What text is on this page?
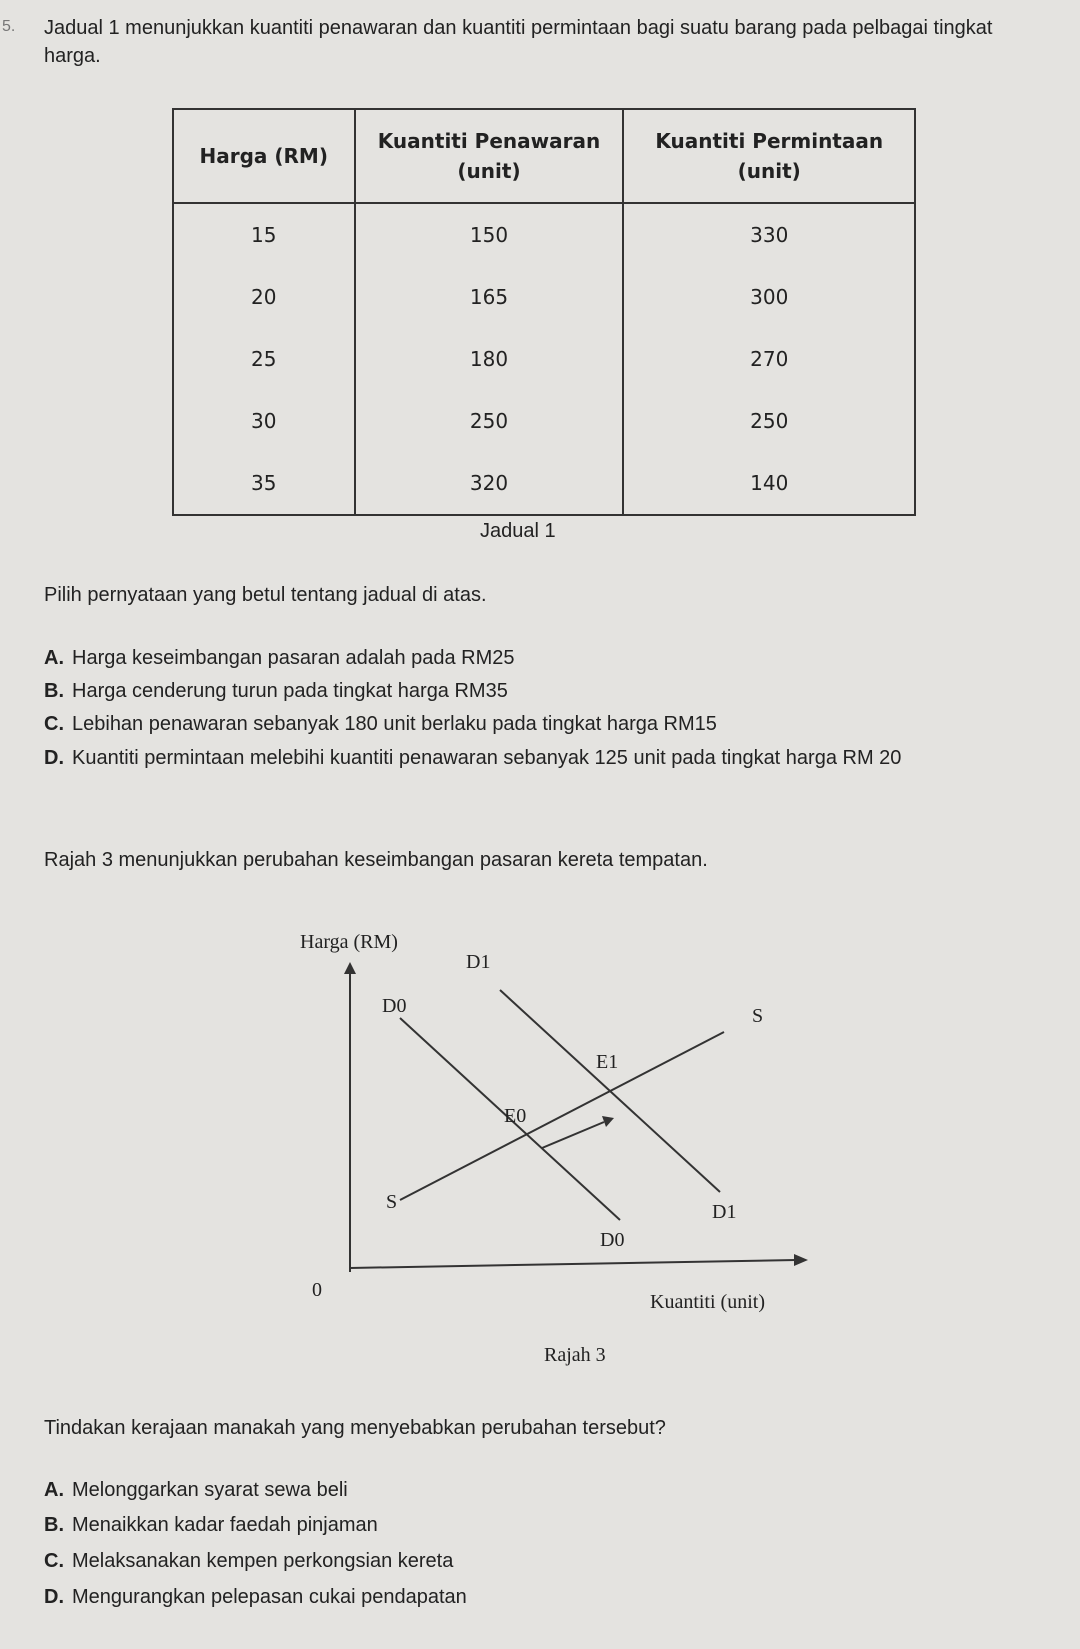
5. Jadual 1 menunjukkan kuantiti penawaran dan kuantiti permintaan bagi suatu barang pada pelbagai tingkat harga.
Harga (RM)	Kuantiti Penawaran (unit)	Kuantiti Permintaan (unit)
15	150	330
20	165	300
25	180	270
30	250	250
35	320	140
Jadual 1
Pilih pernyataan yang betul tentang jadual di atas.
A. Harga keseimbangan pasaran adalah pada RM25
B. Harga cenderung turun pada tingkat harga RM35
C. Lebihan penawaran sebanyak 180 unit berlaku pada tingkat harga RM15
D. Kuantiti permintaan melebihi kuantiti penawaran sebanyak 125 unit pada tingkat harga RM 20
Rajah 3 menunjukkan perubahan keseimbangan pasaran kereta tempatan.
Harga (RM)
Kuantiti (unit)
0
S
S
D0
D0
D1
D1
E0
E1
Rajah 3
Tindakan kerajaan manakah yang menyebabkan perubahan tersebut?
A. Melonggarkan syarat sewa beli
B. Menaikkan kadar faedah pinjaman
C. Melaksanakan kempen perkongsian kereta
D. Mengurangkan pelepasan cukai pendapatan
